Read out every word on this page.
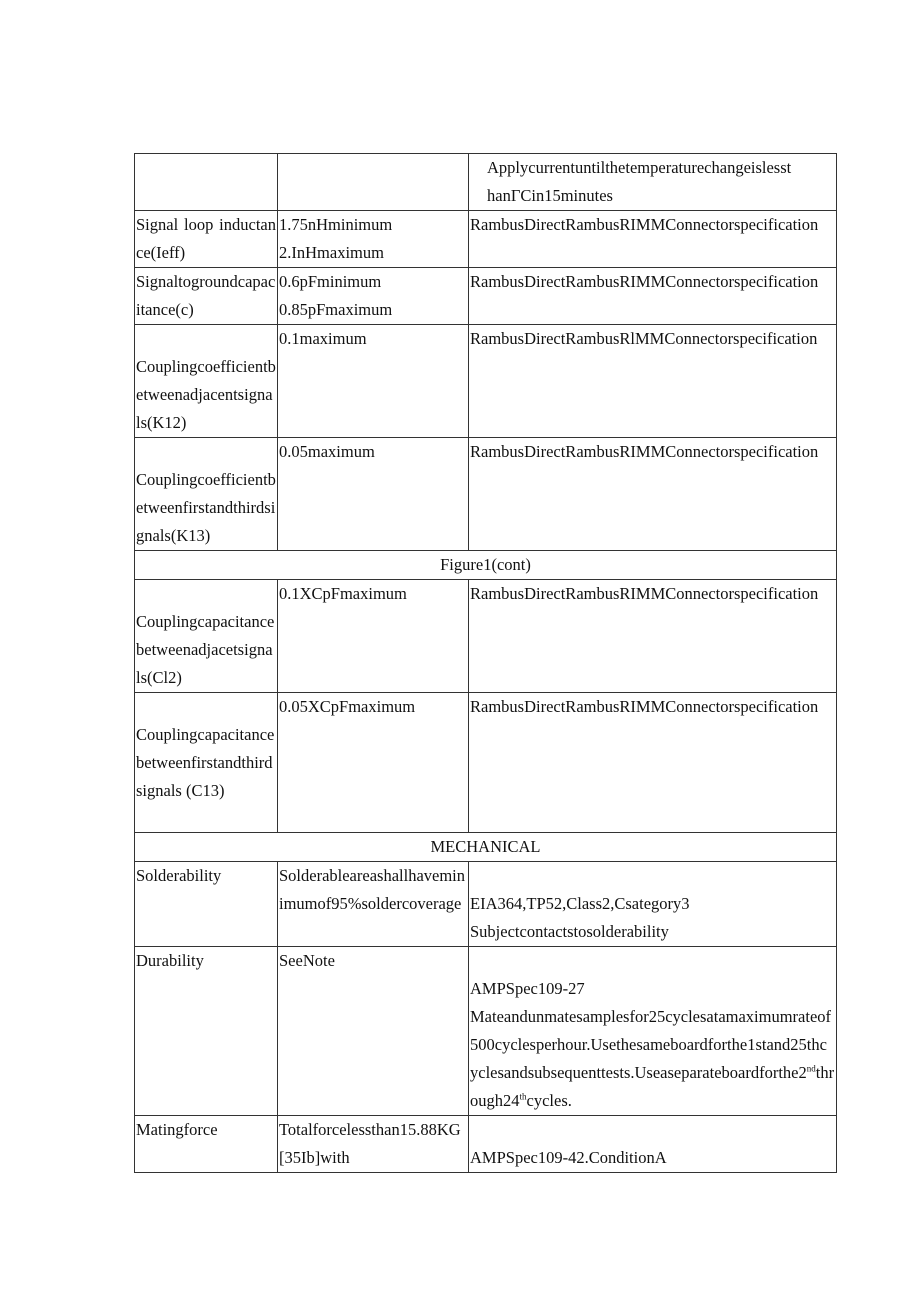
		Applycurrentuntilthetemperaturechangeislesst
hanΓCin15minutes

Signal loop inductance(Ieff)	1.75nHminimum
2.InHmaximum	RambusDirectRambusRIMMConnectorspecification
Signaltogroundcapacitance(c)	0.6pFminimum
0.85pFmaximum	RambusDirectRambusRIMMConnectorspecification

Couplingcoefficientbetweenadjacentsignals(K12)	0.1maximum	RambusDirectRambusRlMMConnectorspecification

Couplingcoefficientbetweenfirstandthirdsignals(K13)	0.05maximum	RambusDirectRambusRIMMConnectorspecification
Figure1(cont)		

Couplingcapacitancebetweenadjacetsignals(Cl2)	0.1XCpFmaximum	RambusDirectRambusRIMMConnectorspecification

Couplingcapacitancebetweenfirstandthird signals (C13)	0.05XCpFmaximum	RambusDirectRambusRIMMConnectorspecification
MECHANICAL		
Solderability	Solderableareashallhaveminimumof95%soldercoverage	EIA364,TP52,Class2,Csategory3
Subjectcontactstosolderability

Durability	SeeNote	AMPSpec109-27
Mateandunmatesamplesfor25cyclesatamaximumrateof500cyclesperhour.Usethesameboardforthe1stand25thcyclesandsubsequenttests.Useaseparateboardforthe2ndthrough24thcycles.

Matingforce	Totalforcelessthan15.88KG[35Ib]with	AMPSpec109-42.ConditionA
